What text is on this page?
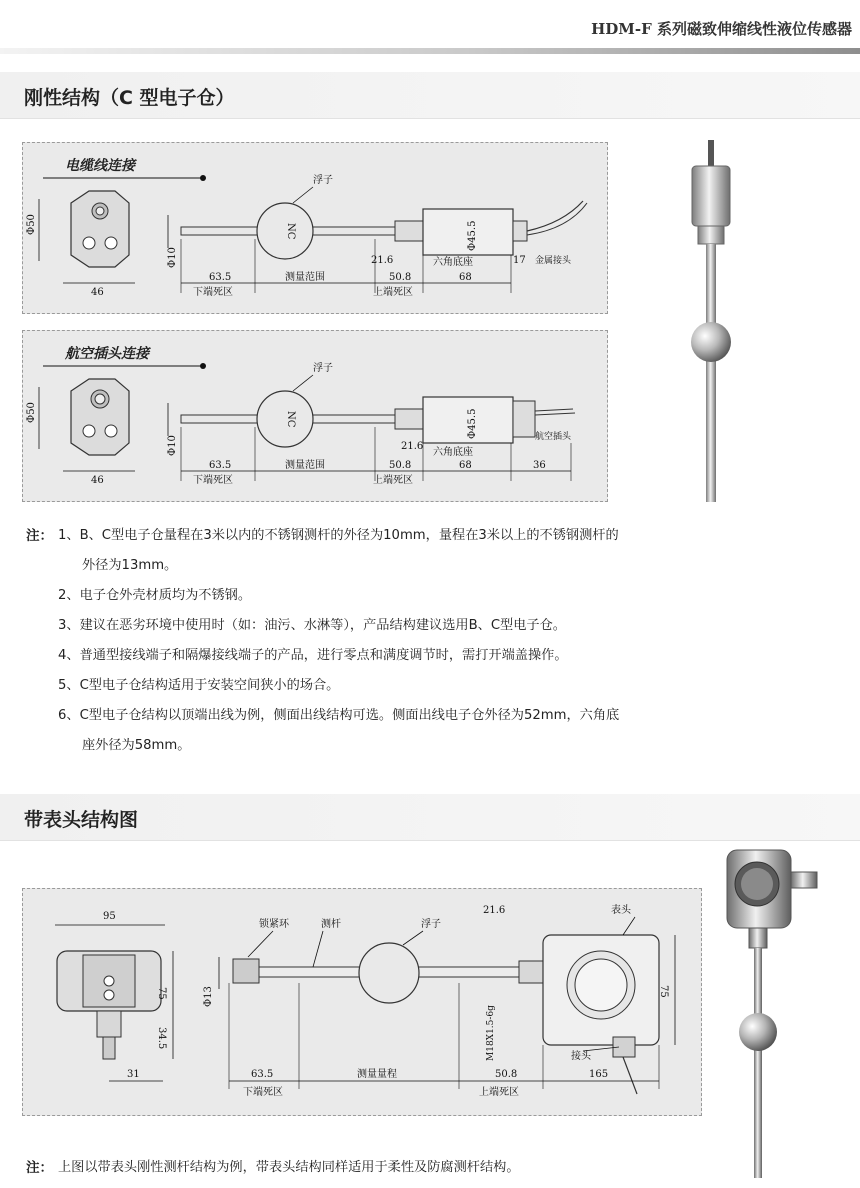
HDM-F 系列磁致伸缩线性液位传感器
刚性结构（C 型电子仓）
电缆线连接
Φ50
46
Φ10
NC
浮子
Φ45.5
63.5	测量范围	50.8	68
21.6	六角底座	17 金属接头
下端死区	上端死区
航空插头连接
Φ50
46
Φ10
NC
浮子
Φ45.5
63.5	测量范围	50.8	68	36
21.6
六角底座
航空插头
下端死区	上端死区
注： 1、B、C型电子仓量程在3米以内的不锈钢测杆的外径为10mm，量程在3米以上的不锈钢测杆的
外径为13mm。
2、电子仓外壳材质均为不锈钢。
3、建议在恶劣环境中使用时（如：油污、水淋等），产品结构建议选用B、C型电子仓。
4、普通型接线端子和隔爆接线端子的产品，进行零点和满度调节时，需打开端盖操作。
5、C型电子仓结构适用于安装空间狭小的场合。
6、C型电子仓结构以顶端出线为例，侧面出线结构可选。侧面出线电子仓外径为52mm，六角底
座外径为58mm。
带表头结构图
95
75
34.5
31
Φ13
锁紧环	测杆	浮子
21.6	表头
75
M18X1.5-6g	接头
63.5	测量量程	50.8	165
下端死区	上端死区
注： 上图以带表头刚性测杆结构为例，带表头结构同样适用于柔性及防腐测杆结构。
